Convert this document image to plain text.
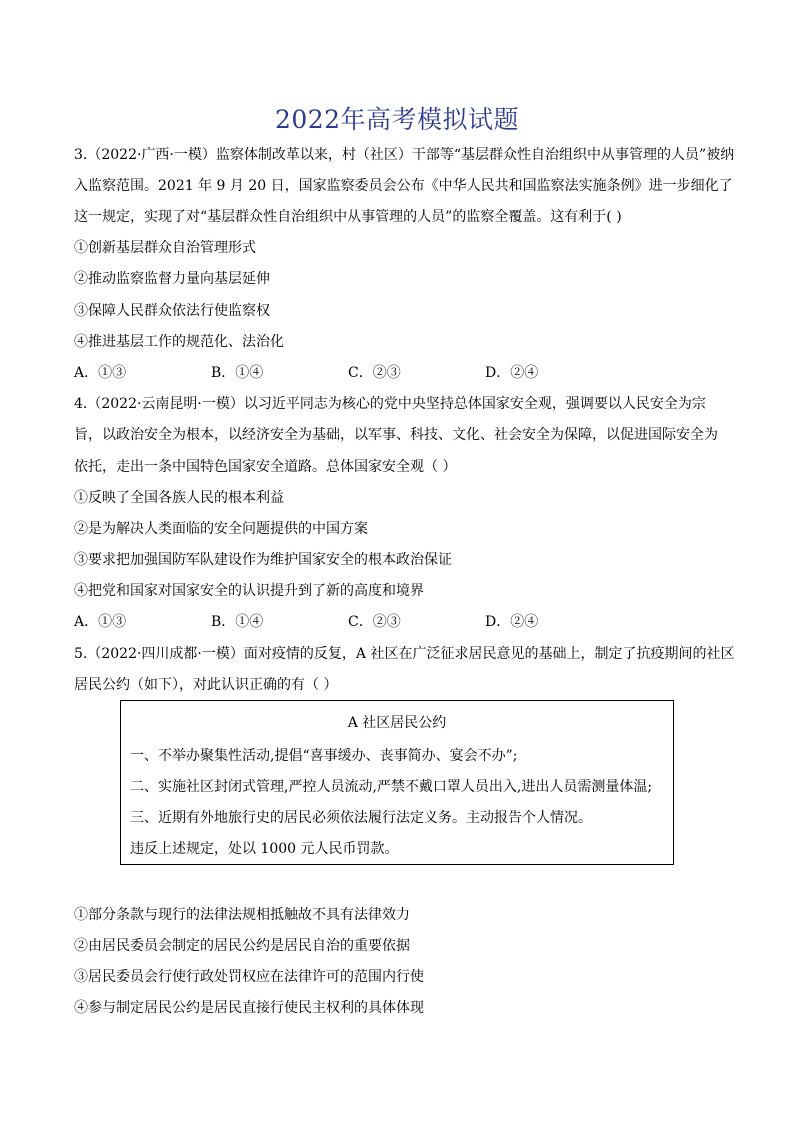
2022年高考模拟试题
3.（2022·广西·一模）监察体制改革以来，村（社区）干部等“基层群众性自治组织中从事管理的人员”被纳
入监察范围。2021 年 9 月 20 日，国家监察委员会公布《中华人民共和国监察法实施条例》进一步细化了
这一规定，实现了对“基层群众性自治组织中从事管理的人员”的监察全覆盖。这有利于( )
①创新基层群众自治管理形式
②推动监察监督力量向基层延伸
③保障人民群众依法行使监察权
④推进基层工作的规范化、法治化
A．①③	B．①④	C．②③	D．②④
4.（2022·云南昆明·一模）以习近平同志为核心的党中央坚持总体国家安全观，强调要以人民安全为宗
旨，以政治安全为根本，以经济安全为基础，以军事、科技、文化、社会安全为保障，以促进国际安全为
依托，走出一条中国特色国家安全道路。总体国家安全观（ ）
①反映了全国各族人民的根本利益
②是为解决人类面临的安全问题提供的中国方案
③要求把加强国防军队建设作为维护国家安全的根本政治保证
④把党和国家对国家安全的认识提升到了新的高度和境界
A．①③	B．①④	C．②③	D．②④
5.（2022·四川成都·一模）面对疫情的反复，A 社区在广泛征求居民意见的基础上，制定了抗疫期间的社区
居民公约（如下），对此认识正确的有（ ）
A 社区居民公约
一、不举办聚集性活动,提倡“喜事缓办、丧事简办、宴会不办”;
二、实施社区封闭式管理,严控人员流动,严禁不戴口罩人员出入,进出人员需测量体温;
三、近期有外地旅行史的居民必须依法履行法定义务。主动报告个人情况。
违反上述规定，处以 1000 元人民币罚款。
①部分条款与现行的法律法规相抵触故不具有法律效力
②由居民委员会制定的居民公约是居民自治的重要依据
③居民委员会行使行政处罚权应在法律许可的范围内行使
④参与制定居民公约是居民直接行使民主权利的具体体现
